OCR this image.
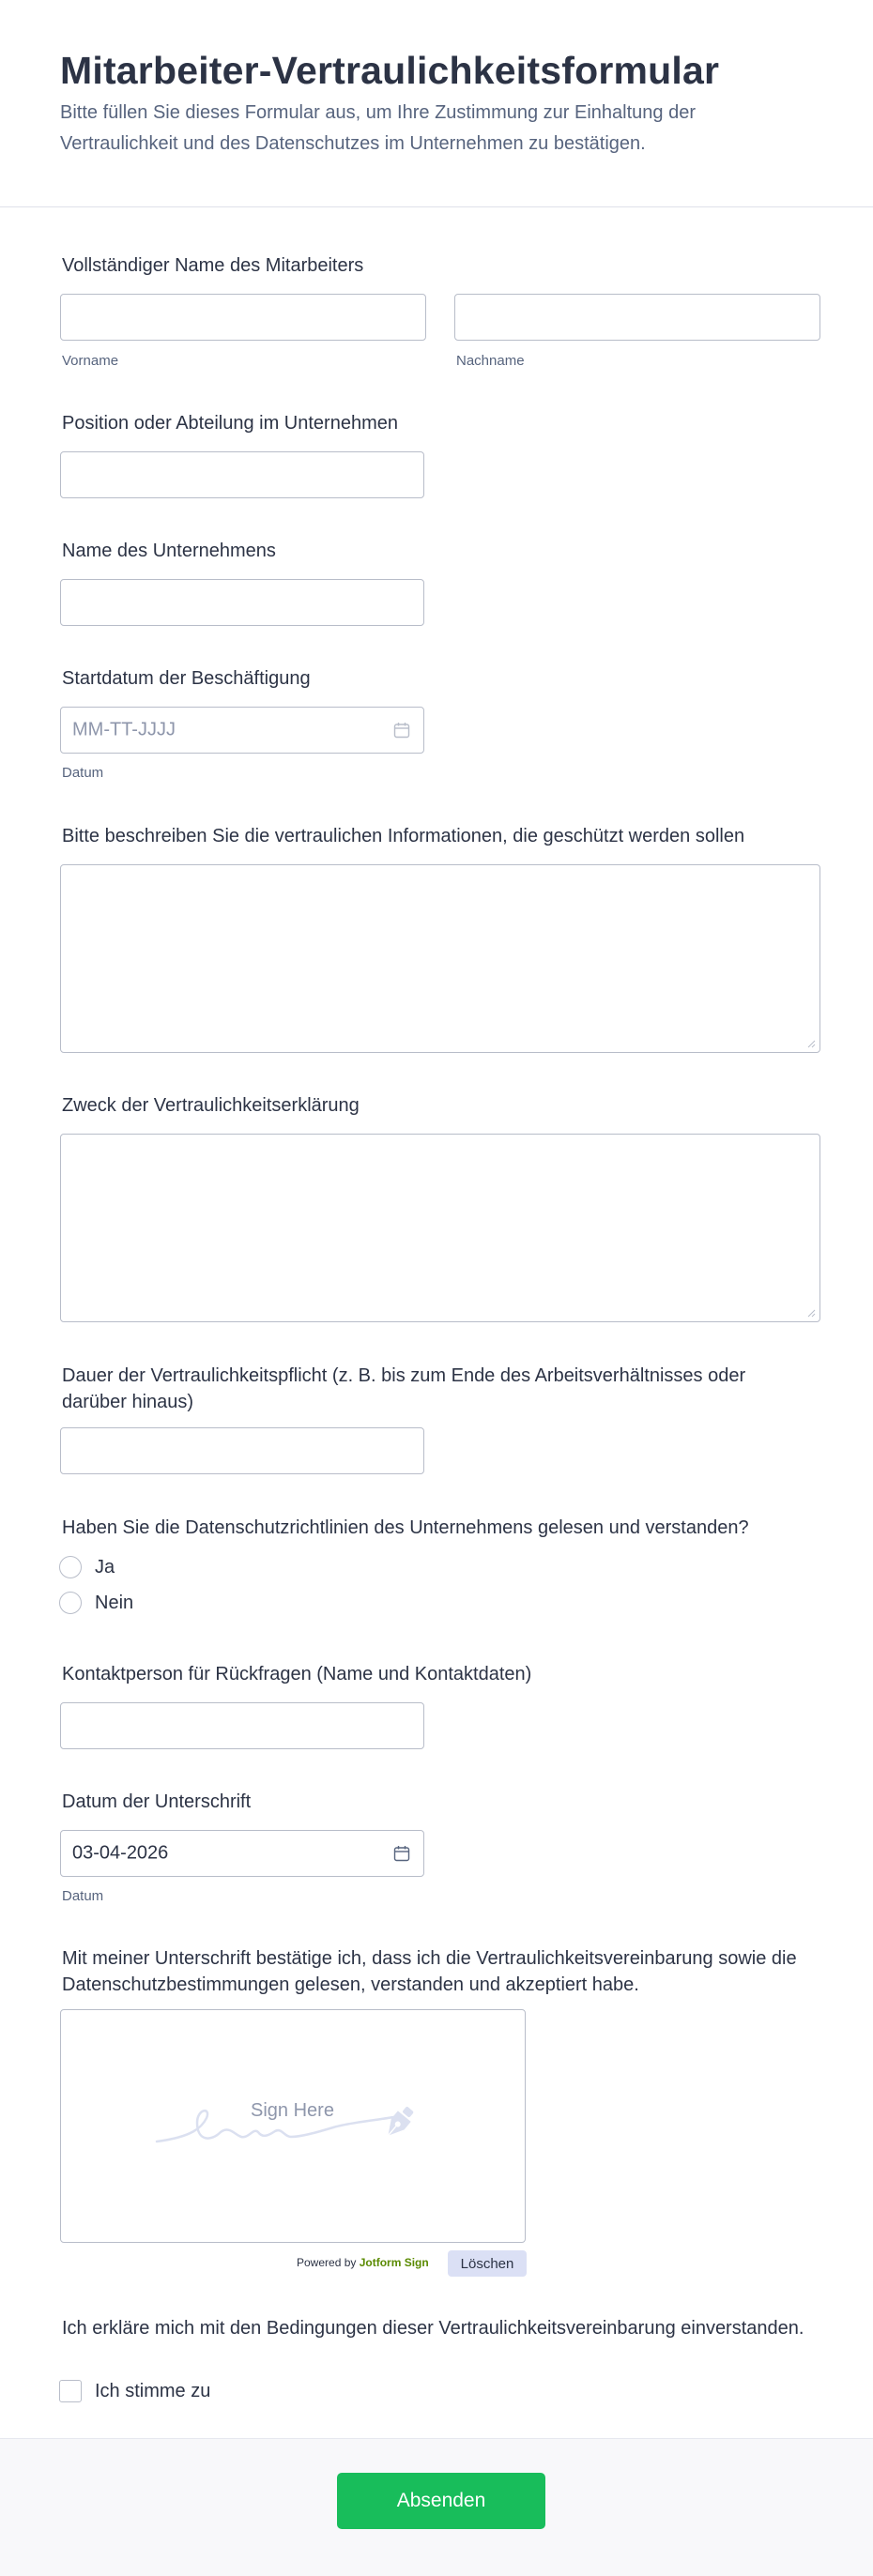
Mitarbeiter-Vertraulichkeitsformular
Bitte füllen Sie dieses Formular aus, um Ihre Zustimmung zur Einhaltung der Vertraulichkeit und des Datenschutzes im Unternehmen zu bestätigen.
Vollständiger Name des Mitarbeiters
Vorname	Nachname
Position oder Abteilung im Unternehmen
Name des Unternehmens
Startdatum der Beschäftigung
MM-TT-JJJJ
Datum
Bitte beschreiben Sie die vertraulichen Informationen, die geschützt werden sollen
Zweck der Vertraulichkeitserklärung
Dauer der Vertraulichkeitspflicht (z. B. bis zum Ende des Arbeitsverhältnisses oder darüber hinaus)
Haben Sie die Datenschutzrichtlinien des Unternehmens gelesen und verstanden?
Ja
Nein
Kontaktperson für Rückfragen (Name und Kontaktdaten)
Datum der Unterschrift
03-04-2026
Datum
Mit meiner Unterschrift bestätige ich, dass ich die Vertraulichkeitsvereinbarung sowie die Datenschutzbestimmungen gelesen, verstanden und akzeptiert habe.
Sign Here
Powered by Jotform Sign	Löschen
Ich erkläre mich mit den Bedingungen dieser Vertraulichkeitsvereinbarung einverstanden.
Ich stimme zu
Absenden
